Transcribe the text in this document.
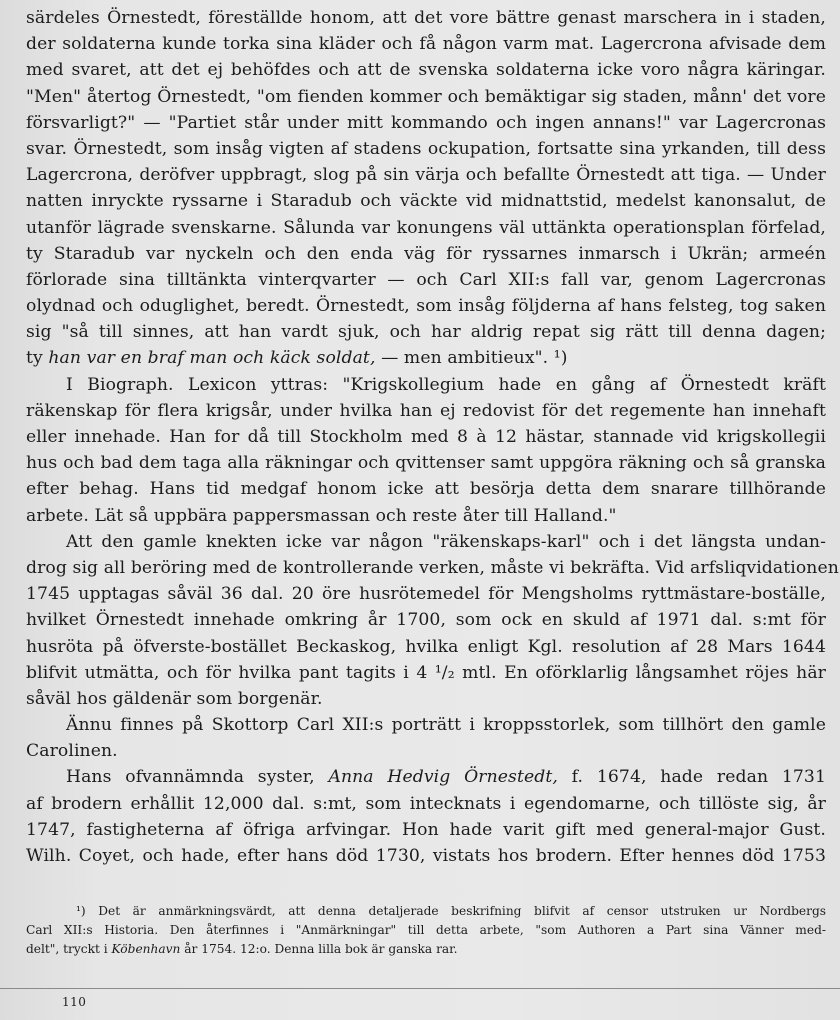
särdeles Örnestedt, föreställde honom, att det vore bättre genast marschera in i staden,
der soldaterna kunde torka sina kläder och få någon varm mat. Lagercrona afvisade dem
med svaret, att det ej behöfdes och att de svenska soldaterna icke voro några käringar.
"Men" återtog Örnestedt, "om fienden kommer och bemäktigar sig staden, månn' det vore
försvarligt?" — "Partiet står under mitt kommando och ingen annans!" var Lagercronas
svar. Örnestedt, som insåg vigten af stadens ockupation, fortsatte sina yrkanden, till dess
Lagercrona, deröfver uppbragt, slog på sin värja och befallte Örnestedt att tiga. — Under
natten inryckte ryssarne i Staradub och väckte vid midnattstid, medelst kanonsalut, de
utanför lägrade svenskarne. Sålunda var konungens väl uttänkta operationsplan förfelad,
ty Staradub var nyckeln och den enda väg för ryssarnes inmarsch i Ukrän; armeén
förlorade sina tilltänkta vinterqvarter — och Carl XII:s fall var, genom Lagercronas
olydnad och oduglighet, beredt. Örnestedt, som insåg följderna af hans felsteg, tog saken
sig "så till sinnes, att han vardt sjuk, och har aldrig repat sig rätt till denna dagen;
ty han var en braf man och käck soldat, — men ambitieux". ¹)
I Biograph. Lexicon yttras: "Krigskollegium hade en gång af Örnestedt kräft
räkenskap för flera krigsår, under hvilka han ej redovist för det regemente han innehaft
eller innehade. Han for då till Stockholm med 8 à 12 hästar, stannade vid krigskollegii
hus och bad dem taga alla räkningar och qvittenser samt uppgöra räkning och så granska
efter behag. Hans tid medgaf honom icke att besörja detta dem snarare tillhörande
arbete. Lät så uppbära pappersmassan och reste åter till Halland."
Att den gamle knekten icke var någon "räkenskaps-karl" och i det längsta undan-
drog sig all beröring med de kontrollerande verken, måste vi bekräfta. Vid arfsliqvidationen
1745 upptagas såväl 36 dal. 20 öre husrötemedel för Mengsholms ryttmästare-boställe,
hvilket Örnestedt innehade omkring år 1700, som ock en skuld af 1971 dal. s:mt för
husröta på öfverste-bostället Beckaskog, hvilka enligt Kgl. resolution af 28 Mars 1644
blifvit utmätta, och för hvilka pant tagits i 4 ¹/₂ mtl. En oförklarlig långsamhet röjes här
såväl hos gäldenär som borgenär.
Ännu finnes på Skottorp Carl XII:s porträtt i kroppsstorlek, som tillhört den gamle
Carolinen.
Hans ofvannämnda syster, Anna Hedvig Örnestedt, f. 1674, hade redan 1731
af brodern erhållit 12,000 dal. s:mt, som intecknats i egendomarne, och tillöste sig, år
1747, fastigheterna af öfriga arfvingar. Hon hade varit gift med general-major Gust.
Wilh. Coyet, och hade, efter hans död 1730, vistats hos brodern. Efter hennes död 1753
¹) Det är anmärkningsvärdt, att denna detaljerade beskrifning blifvit af censor utstruken ur Nordbergs
Carl XII:s Historia. Den återfinnes i "Anmärkningar" till detta arbete, "som Authoren a Part sina Vänner med-
delt", tryckt i Köbenhavn år 1754. 12:o. Denna lilla bok är ganska rar.
110
